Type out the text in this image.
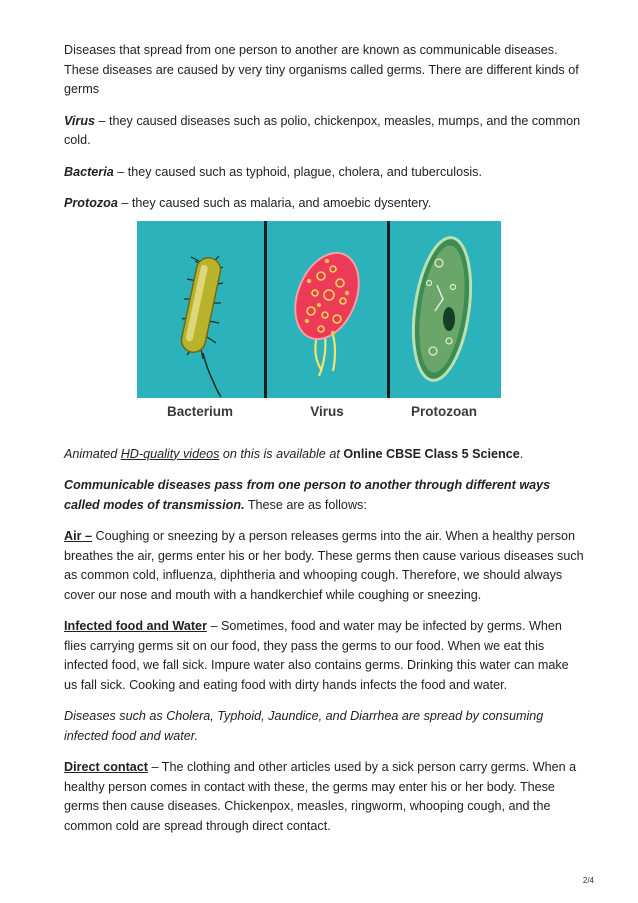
Diseases that spread from one person to another are known as communicable diseases. These diseases are caused by very tiny organisms called germs. There are different kinds of germs

Virus – they caused diseases such as polio, chickenpox, measles, mumps, and the common cold.

Bacteria – they caused such as typhoid, plague, cholera, and tuberculosis.

Protozoa – they caused such as malaria, and amoebic dysentery.

Animated HD-quality videos on this is available at Online CBSE Class 5 Science.

Communicable diseases pass from one person to another through different ways called modes of transmission. These are as follows:

Air – Coughing or sneezing by a person releases germs into the air. When a healthy person breathes the air, germs enter his or her body. These germs then cause various diseases such as common cold, influenza, diphtheria and whooping cough. Therefore, we should always cover our nose and mouth with a handkerchief while coughing or sneezing.

Infected food and Water – Sometimes, food and water may be infected by germs. When flies carrying germs sit on our food, they pass the germs to our food. When we eat this infected food, we fall sick. Impure water also contains germs. Drinking this water can make us fall sick. Cooking and eating food with dirty hands infects the food and water.

Diseases such as Cholera, Typhoid, Jaundice, and Diarrhea are spread by consuming infected food and water.

Direct contact – The clothing and other articles used by a sick person carry germs. When a healthy person comes in contact with these, the germs may enter his or her body. These germs then cause diseases. Chickenpox, measles, ringworm, whooping cough, and the common cold are spread through direct contact.

Bacterium	Virus	Protozoan
2/4
